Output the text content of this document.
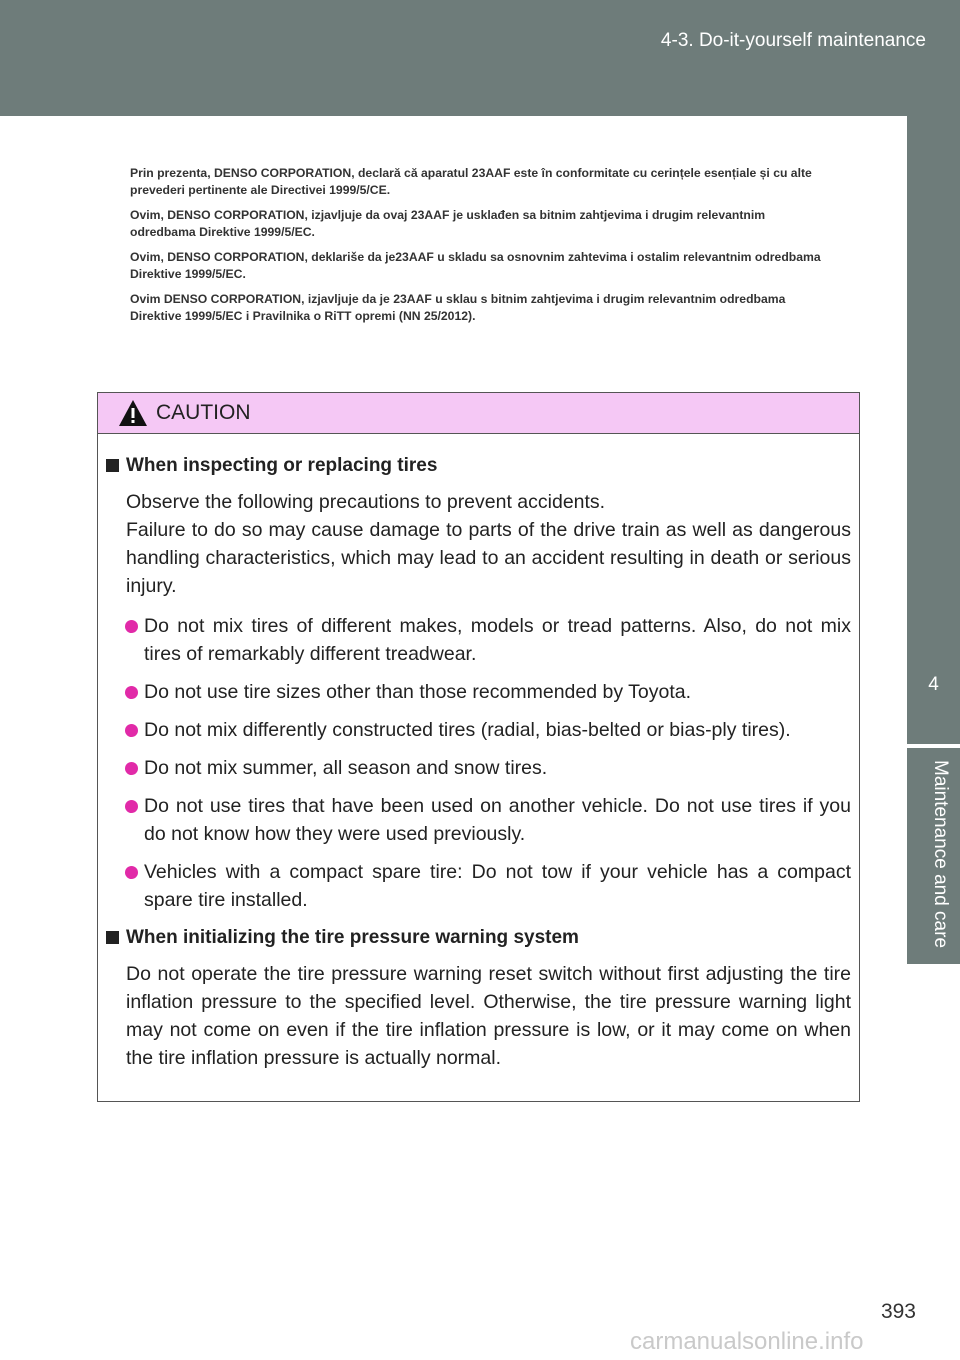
4-3. Do-it-yourself maintenance
4
Maintenance and care

Prin prezenta, DENSO CORPORATION, declară că aparatul 23AAF este în conformitate cu cerințele esențiale și cu alte prevederi pertinente ale Directivei 1999/5/CE.

Ovim, DENSO CORPORATION, izjavljuje da ovaj 23AAF je usklađen sa bitnim zahtjevima i drugim relevantnim odredbama Direktive 1999/5/EC.

Ovim, DENSO CORPORATION, deklariše da je23AAF u skladu sa osnovnim zahtevima i ostalim relevantnim odredbama Direktive 1999/5/EC.

Ovim DENSO CORPORATION, izjavljuje da je 23AAF u sklau s bitnim zahtjevima i drugim relevantnim odredbama Direktive 1999/5/EC i Pravilnika o RiTT opremi (NN 25/2012).

CAUTION
When inspecting or replacing tires
Observe the following precautions to prevent accidents.
Failure to do so may cause damage to parts of the drive train as well as dangerous handling characteristics, which may lead to an accident resulting in death or serious injury.
Do not mix tires of different makes, models or tread patterns. Also, do not mix tires of remarkably different treadwear.
Do not use tire sizes other than those recommended by Toyota.
Do not mix differently constructed tires (radial, bias-belted or bias-ply tires).
Do not mix summer, all season and snow tires.
Do not use tires that have been used on another vehicle. Do not use tires if you do not know how they were used previously.
Vehicles with a compact spare tire: Do not tow if your vehicle has a compact spare tire installed.
When initializing the tire pressure warning system
Do not operate the tire pressure warning reset switch without first adjusting the tire inflation pressure to the specified level. Otherwise, the tire pressure warning light may not come on even if the tire inflation pressure is low, or it may come on when the tire inflation pressure is actually normal.
393
carmanualsonline.info
